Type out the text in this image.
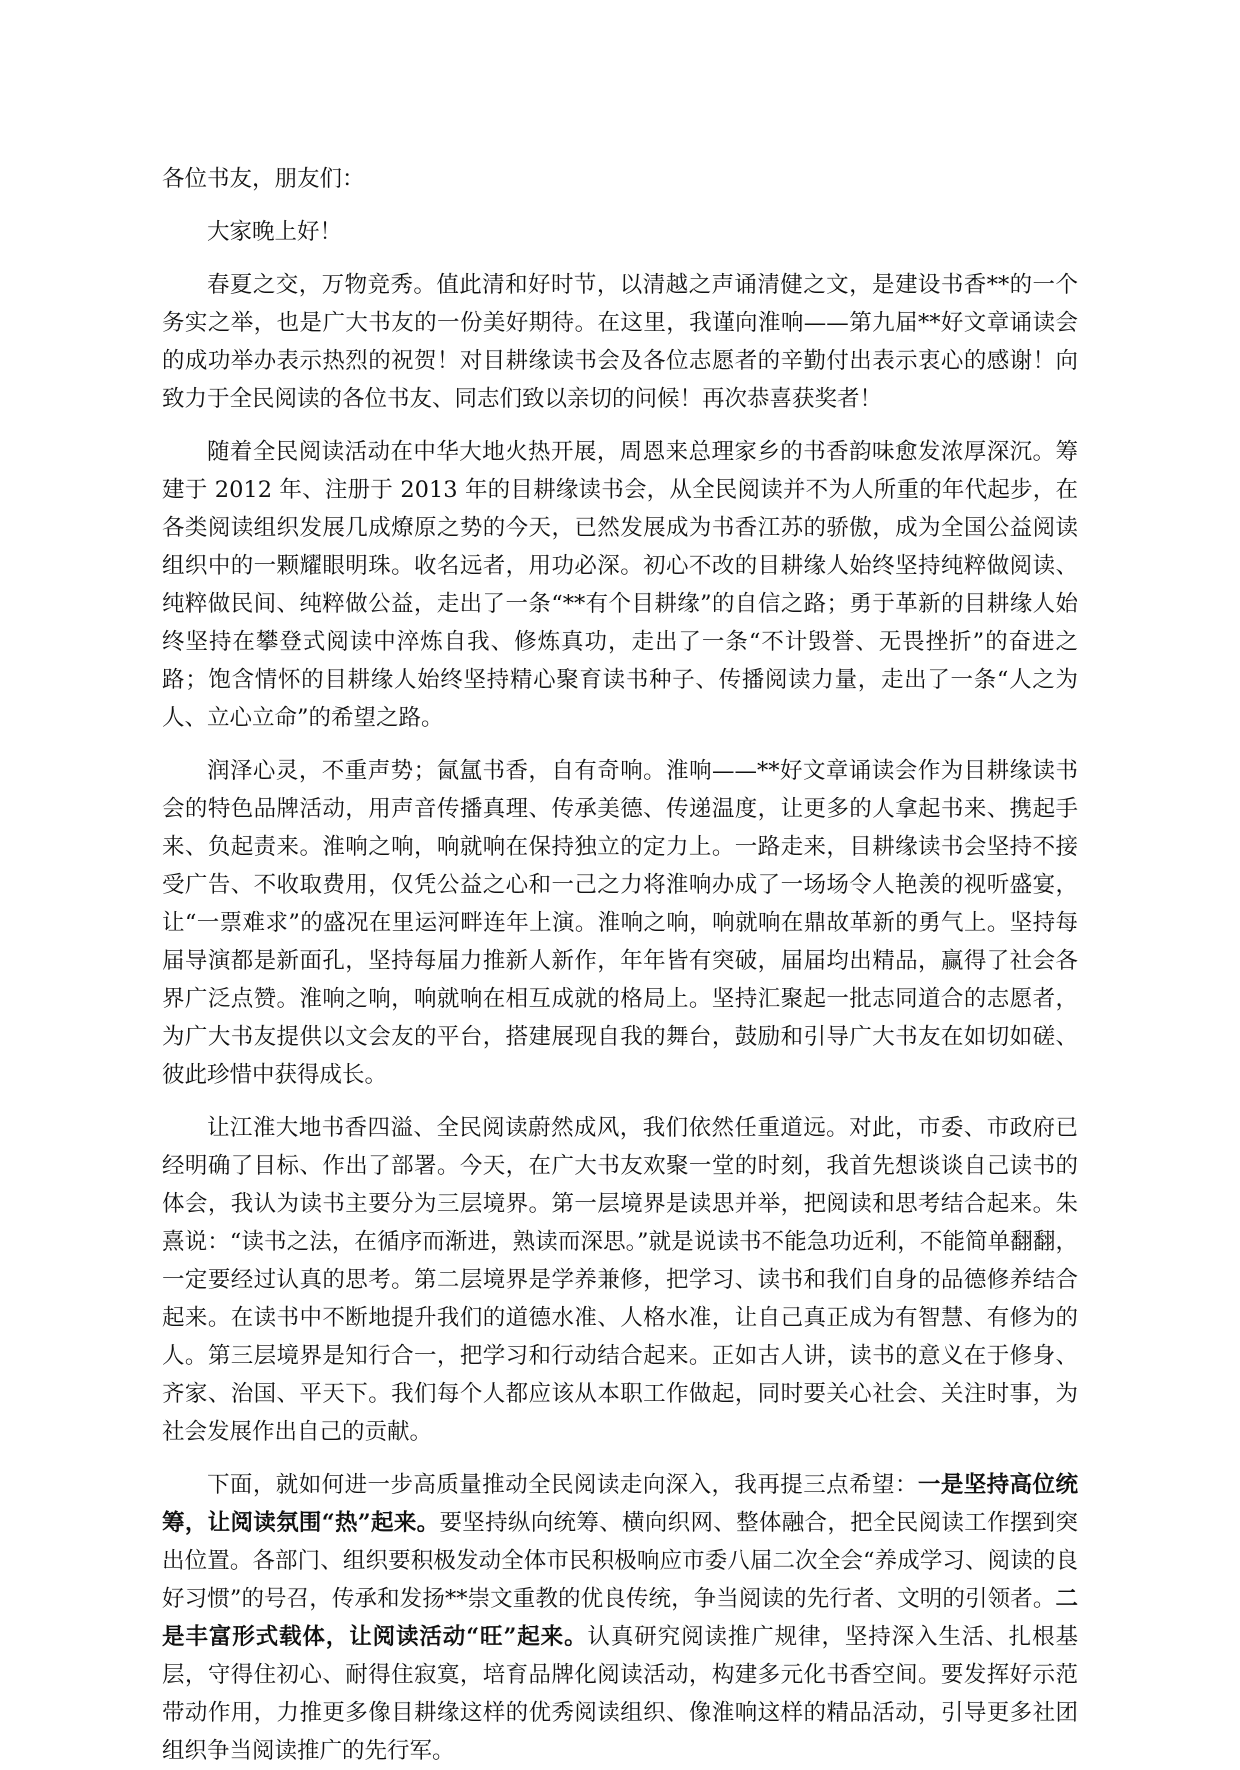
各位书友，朋友们：
大家晚上好！

春夏之交，万物竞秀。值此清和好时节，以清越之声诵清健之文，是建设书香**的一个务实之举，也是广大书友的一份美好期待。在这里，我谨向淮响——第九届**好文章诵读会的成功举办表示热烈的祝贺！对目耕缘读书会及各位志愿者的辛勤付出表示衷心的感谢！向致力于全民阅读的各位书友、同志们致以亲切的问候！再次恭喜获奖者！

随着全民阅读活动在中华大地火热开展，周恩来总理家乡的书香韵味愈发浓厚深沉。筹建于 2012 年、注册于 2013 年的目耕缘读书会，从全民阅读并不为人所重的年代起步，在各类阅读组织发展几成燎原之势的今天，已然发展成为书香江苏的骄傲，成为全国公益阅读组织中的一颗耀眼明珠。收名远者，用功必深。初心不改的目耕缘人始终坚持纯粹做阅读、纯粹做民间、纯粹做公益，走出了一条“**有个目耕缘”的自信之路；勇于革新的目耕缘人始终坚持在攀登式阅读中淬炼自我、修炼真功，走出了一条“不计毁誉、无畏挫折”的奋进之路；饱含情怀的目耕缘人始终坚持精心聚育读书种子、传播阅读力量，走出了一条“人之为人、立心立命”的希望之路。

润泽心灵，不重声势；氤氲书香，自有奇响。淮响——**好文章诵读会作为目耕缘读书会的特色品牌活动，用声音传播真理、传承美德、传递温度，让更多的人拿起书来、携起手来、负起责来。淮响之响，响就响在保持独立的定力上。一路走来，目耕缘读书会坚持不接受广告、不收取费用，仅凭公益之心和一己之力将淮响办成了一场场令人艳羡的视听盛宴，让“一票难求”的盛况在里运河畔连年上演。淮响之响，响就响在鼎故革新的勇气上。坚持每届导演都是新面孔，坚持每届力推新人新作，年年皆有突破，届届均出精品，赢得了社会各界广泛点赞。淮响之响，响就响在相互成就的格局上。坚持汇聚起一批志同道合的志愿者，为广大书友提供以文会友的平台，搭建展现自我的舞台，鼓励和引导广大书友在如切如磋、彼此珍惜中获得成长。

让江淮大地书香四溢、全民阅读蔚然成风，我们依然任重道远。对此，市委、市政府已经明确了目标、作出了部署。今天，在广大书友欢聚一堂的时刻，我首先想谈谈自己读书的体会，我认为读书主要分为三层境界。第一层境界是读思并举，把阅读和思考结合起来。朱熹说：“读书之法，在循序而渐进，熟读而深思。”就是说读书不能急功近利，不能简单翻翻，一定要经过认真的思考。第二层境界是学养兼修，把学习、读书和我们自身的品德修养结合起来。在读书中不断地提升我们的道德水准、人格水准，让自己真正成为有智慧、有修为的人。第三层境界是知行合一，把学习和行动结合起来。正如古人讲，读书的意义在于修身、齐家、治国、平天下。我们每个人都应该从本职工作做起，同时要关心社会、关注时事，为社会发展作出自己的贡献。

下面，就如何进一步高质量推动全民阅读走向深入，我再提三点希望：一是坚持高位统筹，让阅读氛围“热”起来。要坚持纵向统筹、横向织网、整体融合，把全民阅读工作摆到突出位置。各部门、组织要积极发动全体市民积极响应市委八届二次全会“养成学习、阅读的良好习惯”的号召，传承和发扬**崇文重教的优良传统，争当阅读的先行者、文明的引领者。二是丰富形式载体，让阅读活动“旺”起来。认真研究阅读推广规律，坚持深入生活、扎根基层，守得住初心、耐得住寂寞，培育品牌化阅读活动，构建多元化书香空间。要发挥好示范带动作用，力推更多像目耕缘这样的优秀阅读组织、像淮响这样的精品活动，引导更多社团组织争当阅读推广的先行军。
